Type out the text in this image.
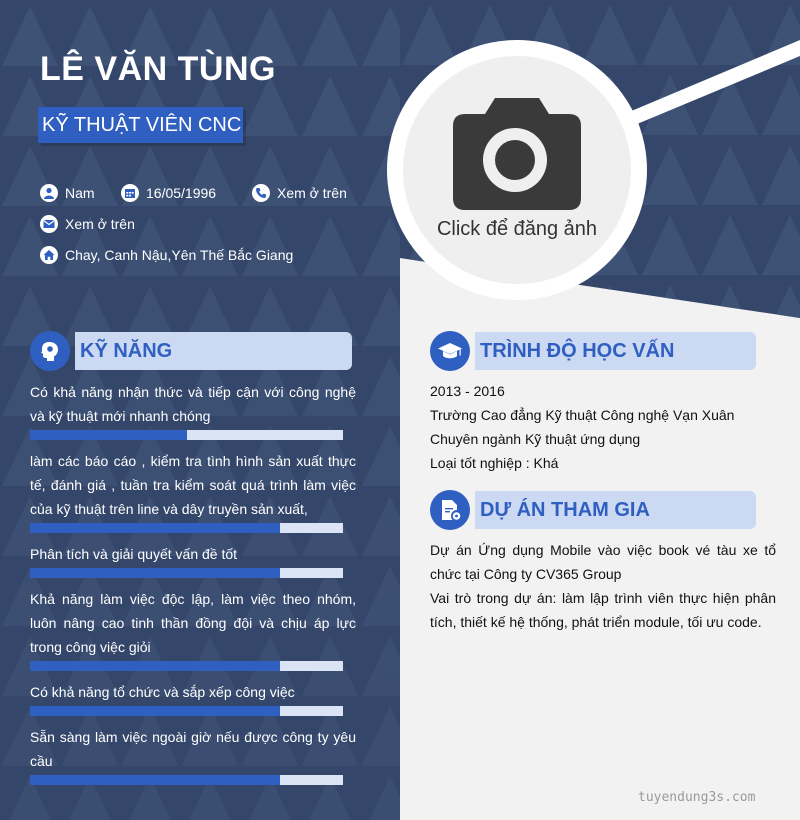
LÊ VĂN TÙNG
KỸ THUẬT VIÊN CNC
Nam	16/05/1996	Xem ở trên
Xem ở trên
Chay, Canh Nậu,Yên Thế Bắc Giang
Click để đăng ảnh
KỸ NĂNG
Có khả năng nhận thức và tiếp cận với công nghệ và kỹ thuật mới nhanh chóng
làm các báo cáo , kiểm tra tình hình sản xuất thực tế, đánh giá , tuần tra kiểm soát quá trình làm việc của kỹ thuật trên line và dây truyền sản xuất,
Phân tích và giải quyết vấn đề tốt
Khả năng làm việc độc lập, làm việc theo nhóm, luôn nâng cao tinh thần đồng đội và chịu áp lực trong công việc giỏi
Có khả năng tổ chức và sắp xếp công việc
Sẵn sàng làm việc ngoài giờ nếu được công ty yêu cầu
TRÌNH ĐỘ HỌC VẤN
2013 - 2016
Trường Cao đẳng Kỹ thuật Công nghệ Vạn Xuân
Chuyên ngành Kỹ thuật ứng dụng
Loại tốt nghiệp : Khá
DỰ ÁN THAM GIA
Dự án Ứng dụng Mobile vào việc book vé tàu xe tổ chức tại Công ty CV365 Group
Vai trò trong dự án: làm lập trình viên thực hiện phân tích, thiết kế hệ thống, phát triển module, tối ưu code.
tuyendung3s.com
